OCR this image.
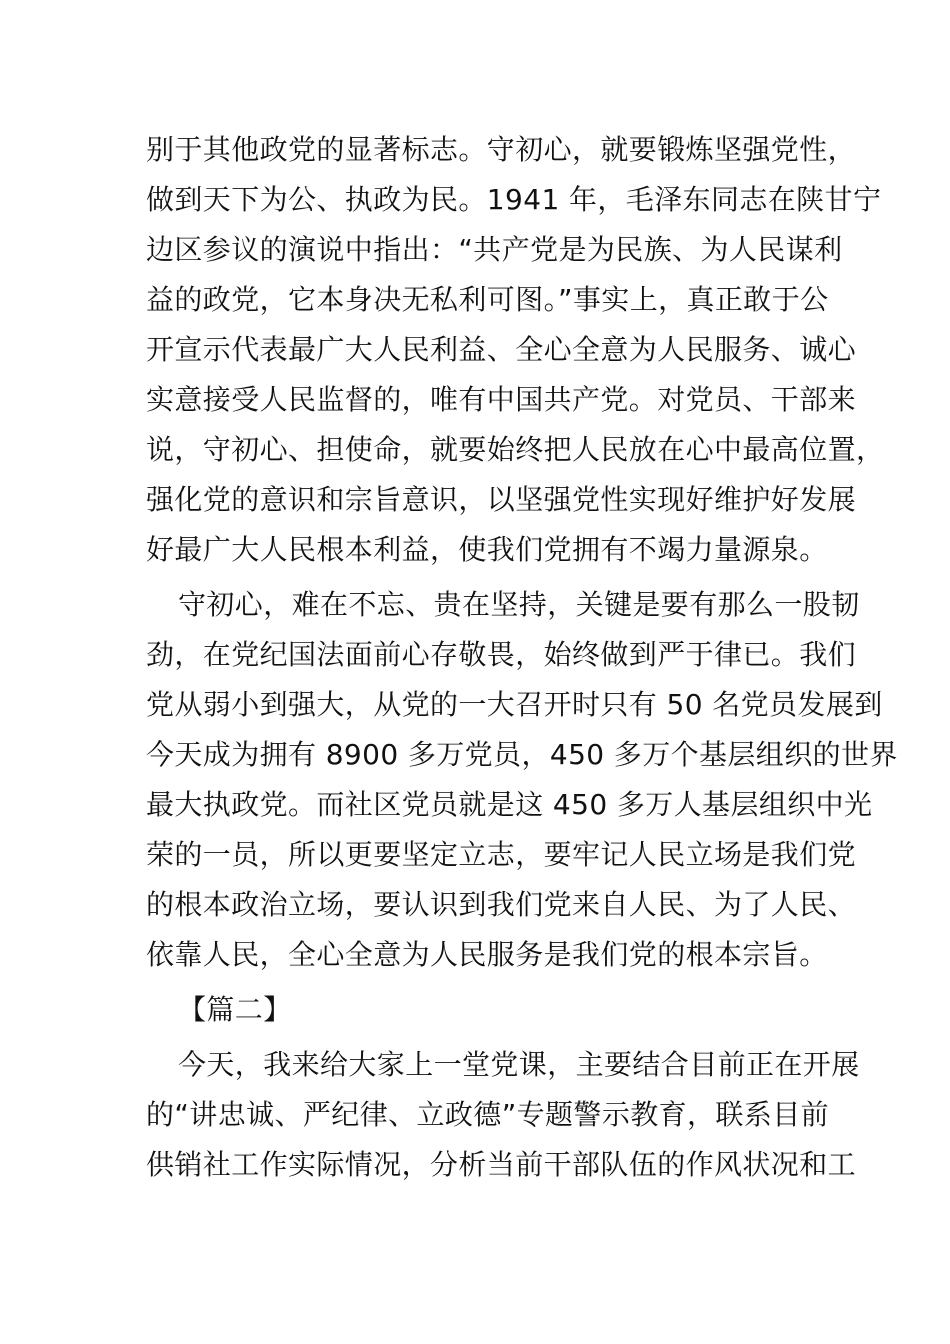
别于其他政党的显著标志。守初心，就要锻炼坚强党性，
做到天下为公、执政为民。1941 年，毛泽东同志在陕甘宁
边区参议的演说中指出：“共产党是为民族、为人民谋利
益的政党，它本身决无私利可图。”事实上，真正敢于公
开宣示代表最广大人民利益、全心全意为人民服务、诚心
实意接受人民监督的，唯有中国共产党。对党员、干部来
说，守初心、担使命，就要始终把人民放在心中最高位置，
强化党的意识和宗旨意识，以坚强党性实现好维护好发展
好最广大人民根本利益，使我们党拥有不竭力量源泉。
守初心，难在不忘、贵在坚持，关键是要有那么一股韧
劲，在党纪国法面前心存敬畏，始终做到严于律已。我们
党从弱小到强大，从党的一大召开时只有 50 名党员发展到
今天成为拥有 8900 多万党员，450 多万个基层组织的世界
最大执政党。而社区党员就是这 450 多万人基层组织中光
荣的一员，所以更要坚定立志，要牢记人民立场是我们党
的根本政治立场，要认识到我们党来自人民、为了人民、
依靠人民，全心全意为人民服务是我们党的根本宗旨。
【篇二】
今天，我来给大家上一堂党课，主要结合目前正在开展
的“讲忠诚、严纪律、立政德”专题警示教育，联系目前
供销社工作实际情况，分析当前干部队伍的作风状况和工
